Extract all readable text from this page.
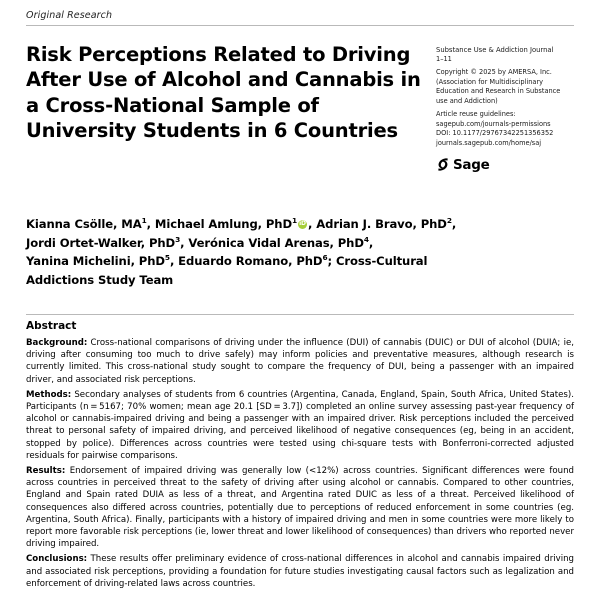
Original Research
Risk Perceptions Related to Driving After Use of Alcohol and Cannabis in a Cross-National Sample of University Students in 6 Countries
Substance Use & Addiction Journal
1–11
Copyright © 2025 by AMERSA, Inc. (Association for Multidisciplinary Education and Research in Substance use and Addiction)
Article reuse guidelines:
sagepub.com/journals-permissions
DOI: 10.1177/29767342251356352
journals.sagepub.com/home/saj
Sage
Kianna Csölle, $MA^1$, Michael Amlung, PhD$^1$ iD , Adrian J. Bravo, PhD$^2$,
Jordi Ortet-Walker, PhD$^3$, Verónica Vidal Arenas, PhD$^4$,
Yanina Michelini, PhD$^5$, Eduardo Romano, PhD$^6$; Cross-Cultural
Addictions Study Team
Abstract

Background: Cross-national comparisons of driving under the influence (DUI) of cannabis (DUIC) or DUI of alcohol (DUIA; ie, driving after consuming too much to drive safely) may inform policies and preventative measures, although research is currently limited. This cross-national study sought to compare the frequency of DUI, being a passenger with an impaired driver, and associated risk perceptions.

Methods: Secondary analyses of students from 6 countries (Argentina, Canada, England, Spain, South Africa, United States). Participants (n = 5167; 70% women; mean age 20.1 [SD = 3.7]) completed an online survey assessing past-year frequency of alcohol or cannabis-impaired driving and being a passenger with an impaired driver. Risk perceptions included the perceived threat to personal safety of impaired driving, and perceived likelihood of negative consequences (eg, being in an accident, stopped by police). Differences across countries were tested using chi-square tests with Bonferroni-corrected adjusted residuals for pairwise comparisons.

Results: Endorsement of impaired driving was generally low (<12%) across countries. Significant differences were found across countries in perceived threat to the safety of driving after using alcohol or cannabis. Compared to other countries, England and Spain rated DUIA as less of a threat, and Argentina rated DUIC as less of a threat. Perceived likelihood of consequences also differed across countries, potentially due to perceptions of reduced enforcement in some countries (eg. Argentina, South Africa). Finally, participants with a history of impaired driving and men in some countries were more likely to report more favorable risk perceptions (ie, lower threat and lower likelihood of consequences) than drivers who reported never driving impaired.

Conclusions: These results offer preliminary evidence of cross-national differences in alcohol and cannabis impaired driving and associated risk perceptions, providing a foundation for future studies investigating causal factors such as legalization and enforcement of driving-related laws across countries.
